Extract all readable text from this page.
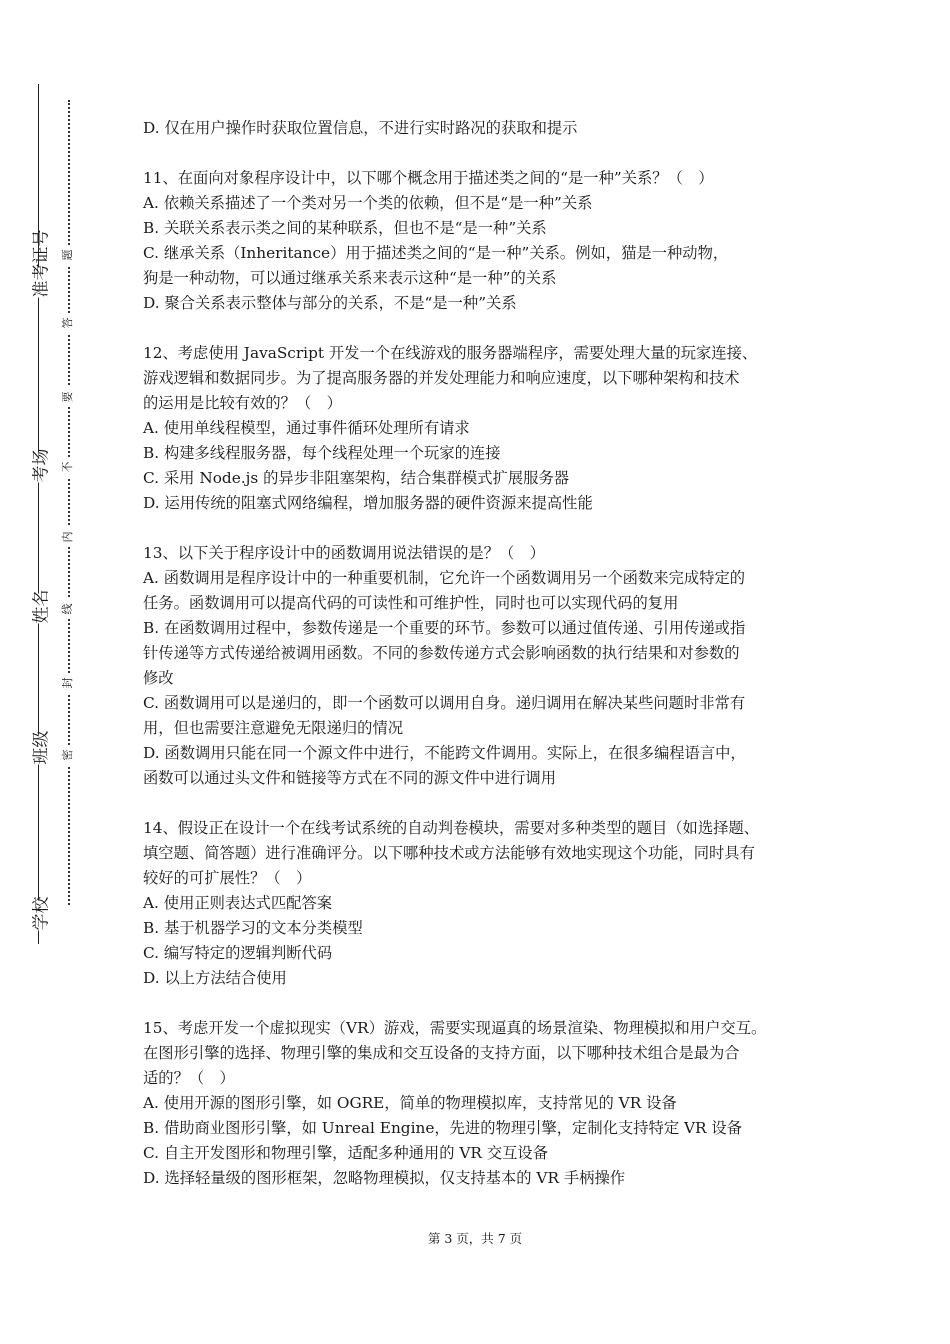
准考证号
考场
姓名
班级
学校
题
答
要
不
内
线
封
密
D. 仅在用户操作时获取位置信息，不进行实时路况的获取和提示
11、在面向对象程序设计中，以下哪个概念用于描述类之间的“是一种”关系？（　）
A. 依赖关系描述了一个类对另一个类的依赖，但不是“是一种”关系
B. 关联关系表示类之间的某种联系，但也不是“是一种”关系
C. 继承关系（Inheritance）用于描述类之间的“是一种”关系。例如，猫是一种动物，
狗是一种动物，可以通过继承关系来表示这种“是一种”的关系
D. 聚合关系表示整体与部分的关系，不是“是一种”关系
12、考虑使用 JavaScript 开发一个在线游戏的服务器端程序，需要处理大量的玩家连接、
游戏逻辑和数据同步。为了提高服务器的并发处理能力和响应速度，以下哪种架构和技术
的运用是比较有效的？（　）
A. 使用单线程模型，通过事件循环处理所有请求
B. 构建多线程服务器，每个线程处理一个玩家的连接
C. 采用 Node.js 的异步非阻塞架构，结合集群模式扩展服务器
D. 运用传统的阻塞式网络编程，增加服务器的硬件资源来提高性能
13、以下关于程序设计中的函数调用说法错误的是？（　）
A. 函数调用是程序设计中的一种重要机制，它允许一个函数调用另一个函数来完成特定的
任务。函数调用可以提高代码的可读性和可维护性，同时也可以实现代码的复用
B. 在函数调用过程中，参数传递是一个重要的环节。参数可以通过值传递、引用传递或指
针传递等方式传递给被调用函数。不同的参数传递方式会影响函数的执行结果和对参数的
修改
C. 函数调用可以是递归的，即一个函数可以调用自身。递归调用在解决某些问题时非常有
用，但也需要注意避免无限递归的情况
D. 函数调用只能在同一个源文件中进行，不能跨文件调用。实际上，在很多编程语言中，
函数可以通过头文件和链接等方式在不同的源文件中进行调用
14、假设正在设计一个在线考试系统的自动判卷模块，需要对多种类型的题目（如选择题、
填空题、简答题）进行准确评分。以下哪种技术或方法能够有效地实现这个功能，同时具有
较好的可扩展性？（　）
A. 使用正则表达式匹配答案
B. 基于机器学习的文本分类模型
C. 编写特定的逻辑判断代码
D. 以上方法结合使用
15、考虑开发一个虚拟现实（VR）游戏，需要实现逼真的场景渲染、物理模拟和用户交互。
在图形引擎的选择、物理引擎的集成和交互设备的支持方面，以下哪种技术组合是最为合
适的？（　）
A. 使用开源的图形引擎，如 OGRE，简单的物理模拟库，支持常见的 VR 设备
B. 借助商业图形引擎，如 Unreal Engine，先进的物理引擎，定制化支持特定 VR 设备
C. 自主开发图形和物理引擎，适配多种通用的 VR 交互设备
D. 选择轻量级的图形框架，忽略物理模拟，仅支持基本的 VR 手柄操作
第 3 页，共 7 页
